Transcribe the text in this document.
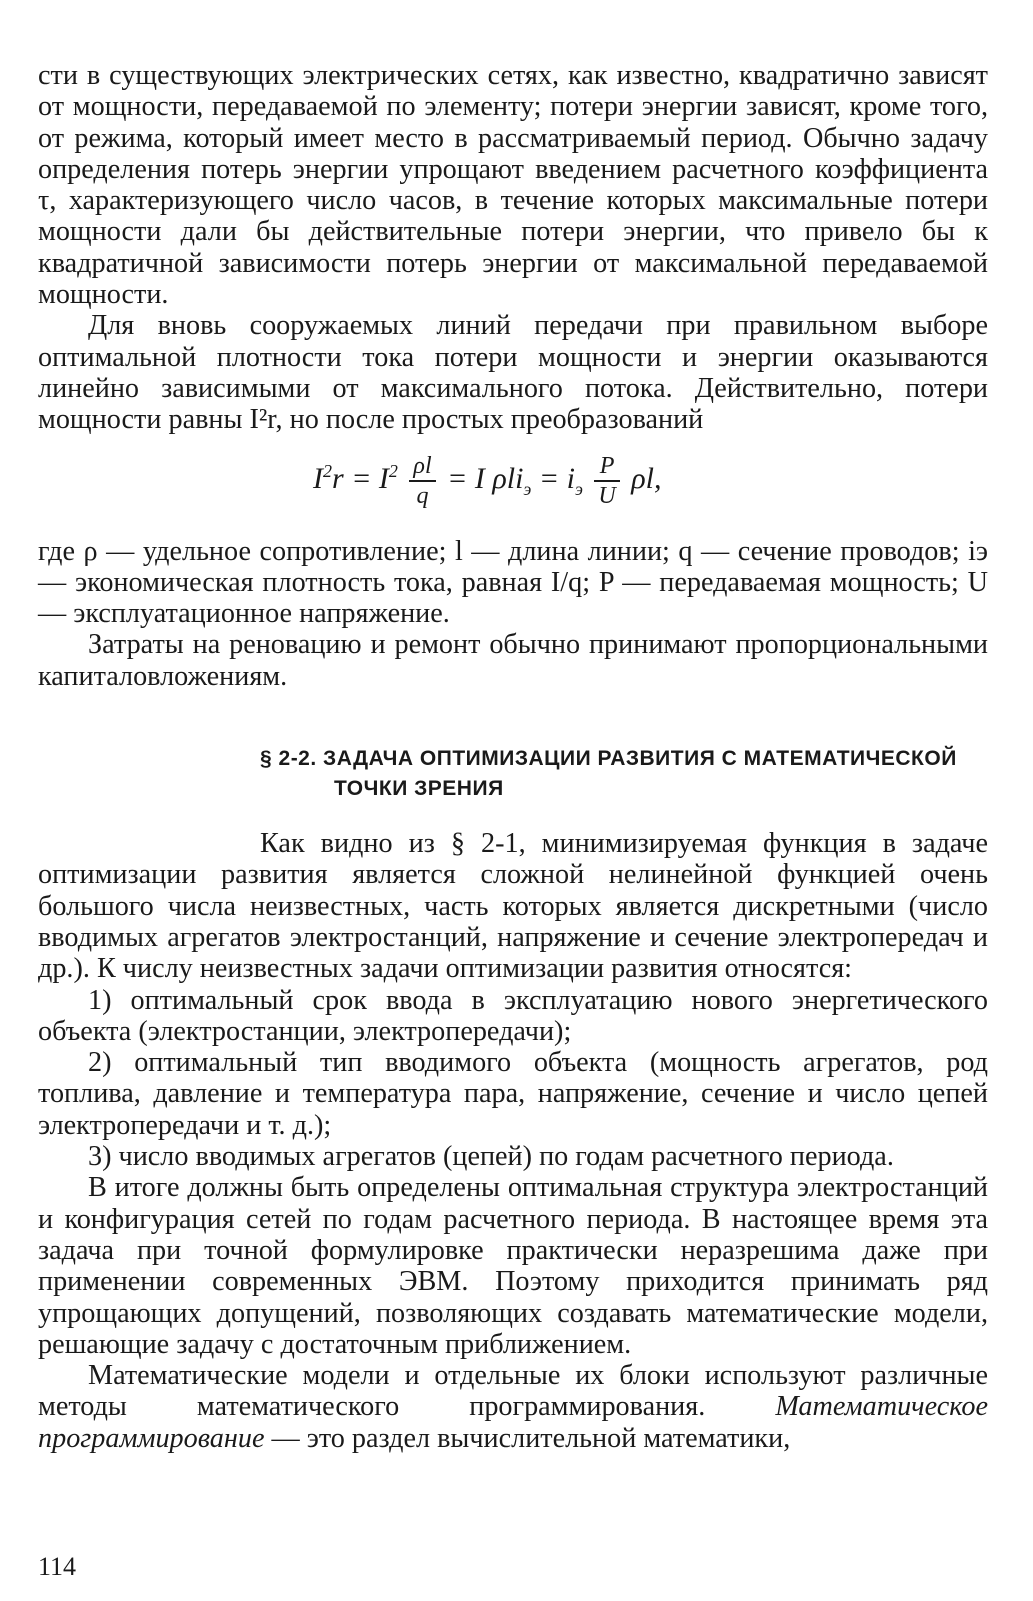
сти в существующих электрических сетях, как известно, квадратично зависят от мощности, передаваемой по элементу; потери энергии зависят, кроме того, от режима, который имеет место в рассматриваемый период. Обычно задачу определения потерь энергии упрощают введением расчетного коэффициента τ, характеризующего число часов, в течение которых максимальные потери мощности дали бы действительные потери энергии, что привело бы к квадратичной зависимости потерь энергии от максимальной передаваемой мощности.

Для вновь сооружаемых линий передачи при правильном выборе оптимальной плотности тока потери мощности и энергии оказываются линейно зависимыми от максимального потока. Действительно, потери мощности равны I²r, но после простых преобразований

$I^2r = I^2 \frac{\rho l}{q} = I$ $\rho li_э = i_э \frac{P}{U} \rho l$,

где ρ — удельное сопротивление; l — длина линии; q — сечение проводов; iэ — экономическая плотность тока, равная I/q; P — передаваемая мощность; U — эксплуатационное напряжение.

Затраты на реновацию и ремонт обычно принимают пропорциональными капиталовложениям.

§ 2-2. ЗАДАЧА ОПТИМИЗАЦИИ РАЗВИТИЯ С МАТЕМАТИЧЕСКОЙ
ТОЧКИ ЗРЕНИЯ

Как видно из § 2-1, минимизируемая функция в задаче оптимизации развития является сложной нелинейной функцией очень большого числа неизвестных, часть которых является дискретными (число вводимых агрегатов электростанций, напряжение и сечение электропередач и др.). К числу неизвестных задачи оптимизации развития относятся:

1) оптимальный срок ввода в эксплуатацию нового энергетического объекта (электростанции, электропередачи);

2) оптимальный тип вводимого объекта (мощность агрегатов, род топлива, давление и температура пара, напряжение, сечение и число цепей электропередачи и т. д.);

3) число вводимых агрегатов (цепей) по годам расчетного периода.

В итоге должны быть определены оптимальная структура электростанций и конфигурация сетей по годам расчетного периода. В настоящее время эта задача при точной формулировке практически неразрешима даже при применении современных ЭВМ. Поэтому приходится принимать ряд упрощающих допущений, позволяющих создавать математические модели, решающие задачу с достаточным приближением.

Математические модели и отдельные их блоки используют различные методы математического программирования. Математическое программирование — это раздел вычислительной математики,

114
